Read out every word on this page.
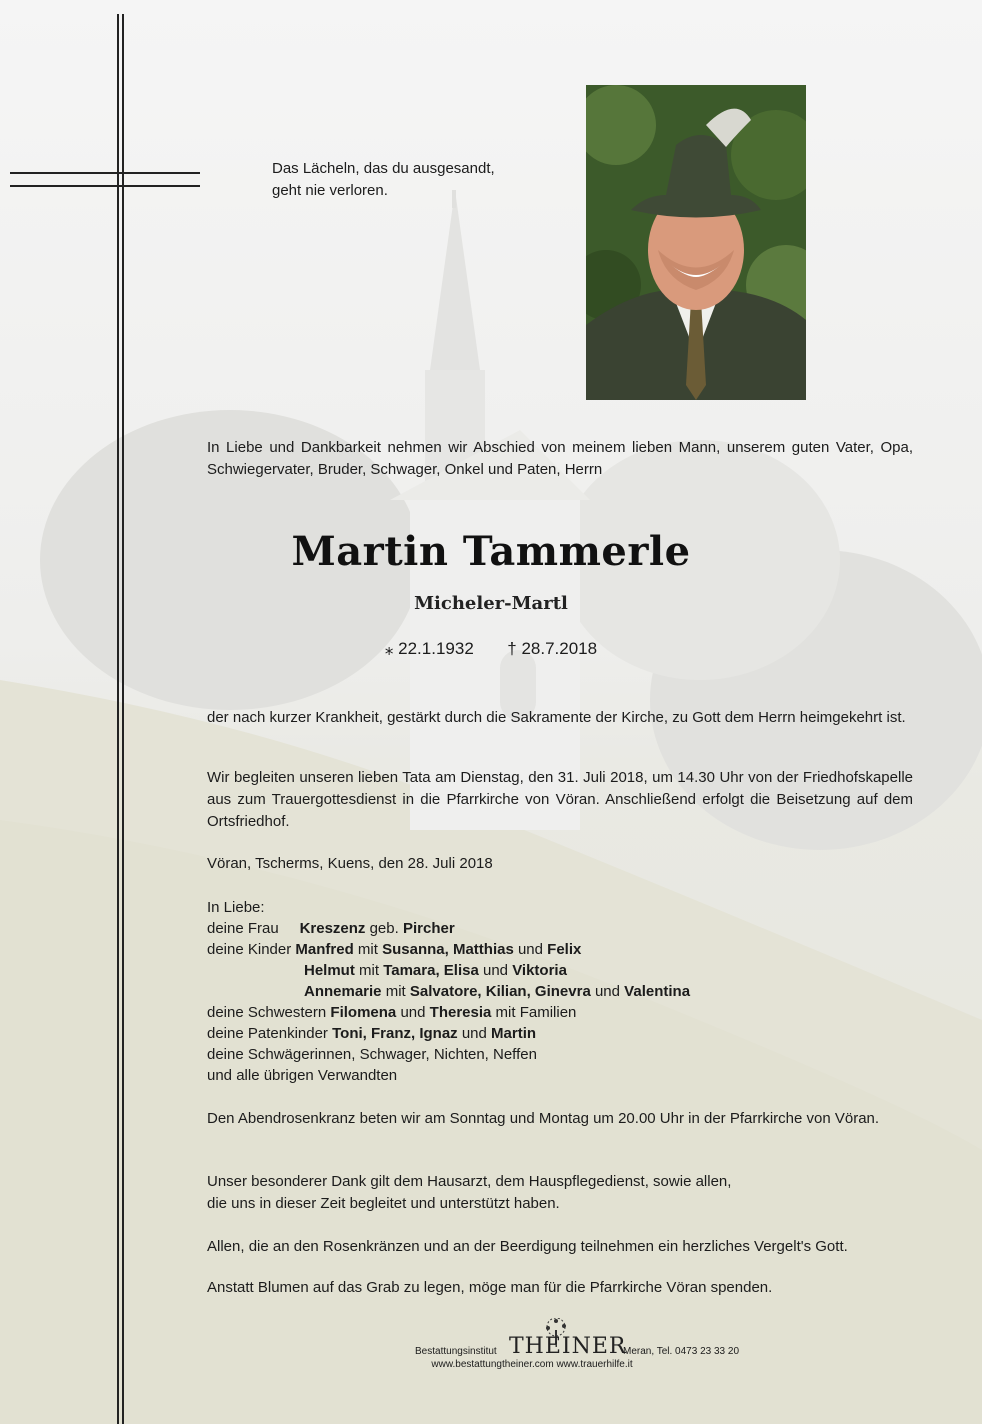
Das Lächeln, das du ausgesandt,
geht nie verloren.
In Liebe und Dankbarkeit nehmen wir Abschied von meinem lieben Mann, unserem guten Vater, Opa, Schwiegervater, Bruder, Schwager, Onkel und Paten, Herrn
Martin Tammerle
Micheler-Martl
⁎ 22.1.1932 † 28.7.2018
der nach kurzer Krankheit, gestärkt durch die Sakramente der Kirche, zu Gott dem Herrn heimgekehrt ist.
Wir begleiten unseren lieben Tata am Dienstag, den 31. Juli 2018, um 14.30 Uhr von der Friedhofskapelle aus zum Trauergottesdienst in die Pfarrkirche von Vöran. Anschließend erfolgt die Beisetzung auf dem Ortsfriedhof.
Vöran, Tscherms, Kuens, den 28. Juli 2018
In Liebe:
deine Frau Kreszenz geb. Pircher
deine Kinder Manfred mit Susanna, Matthias und Felix
Helmut mit Tamara, Elisa und Viktoria
Annemarie mit Salvatore, Kilian, Ginevra und Valentina
deine Schwestern Filomena und Theresia mit Familien
deine Patenkinder Toni, Franz, Ignaz und Martin
deine Schwägerinnen, Schwager, Nichten, Neffen
und alle übrigen Verwandten
Den Abendrosenkranz beten wir am Sonntag und Montag um 20.00 Uhr in der Pfarrkirche von Vöran.
Unser besonderer Dank gilt dem Hausarzt, dem Hauspflegedienst, sowie allen,
die uns in dieser Zeit begleitet und unterstützt haben.
Allen, die an den Rosenkränzen und an der Beerdigung teilnehmen ein herzliches Vergelt's Gott.
Anstatt Blumen auf das Grab zu legen, möge man für die Pfarrkirche Vöran spenden.
Bestattungsinstitut THEINER
Meran, Tel. 0473 23 33 20
www.bestattungtheiner.com www.trauerhilfe.it
